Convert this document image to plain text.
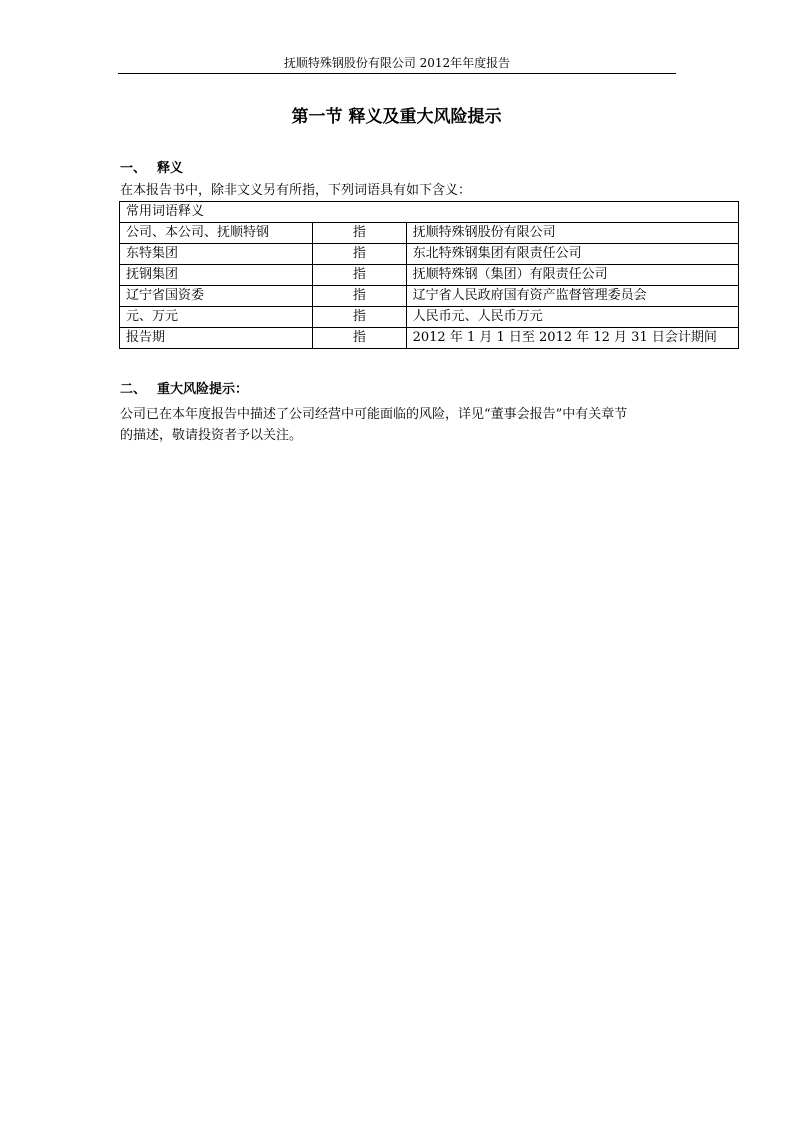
抚顺特殊钢股份有限公司 2012年年度报告
第一节 释义及重大风险提示
一、 释义
在本报告书中，除非文义另有所指，下列词语具有如下含义：
常用词语释义		
公司、本公司、抚顺特钢	指	抚顺特殊钢股份有限公司
东特集团	指	东北特殊钢集团有限责任公司
抚钢集团	指	抚顺特殊钢（集团）有限责任公司
辽宁省国资委	指	辽宁省人民政府国有资产监督管理委员会
元、万元	指	人民币元、人民币万元
报告期	指	2012 年 1 月 1 日至 2012 年 12 月 31 日会计期间
二、 重大风险提示：

公司已在本年度报告中描述了公司经营中可能面临的风险，详见“董事会报告”中有关章节

的描述，敬请投资者予以关注。
